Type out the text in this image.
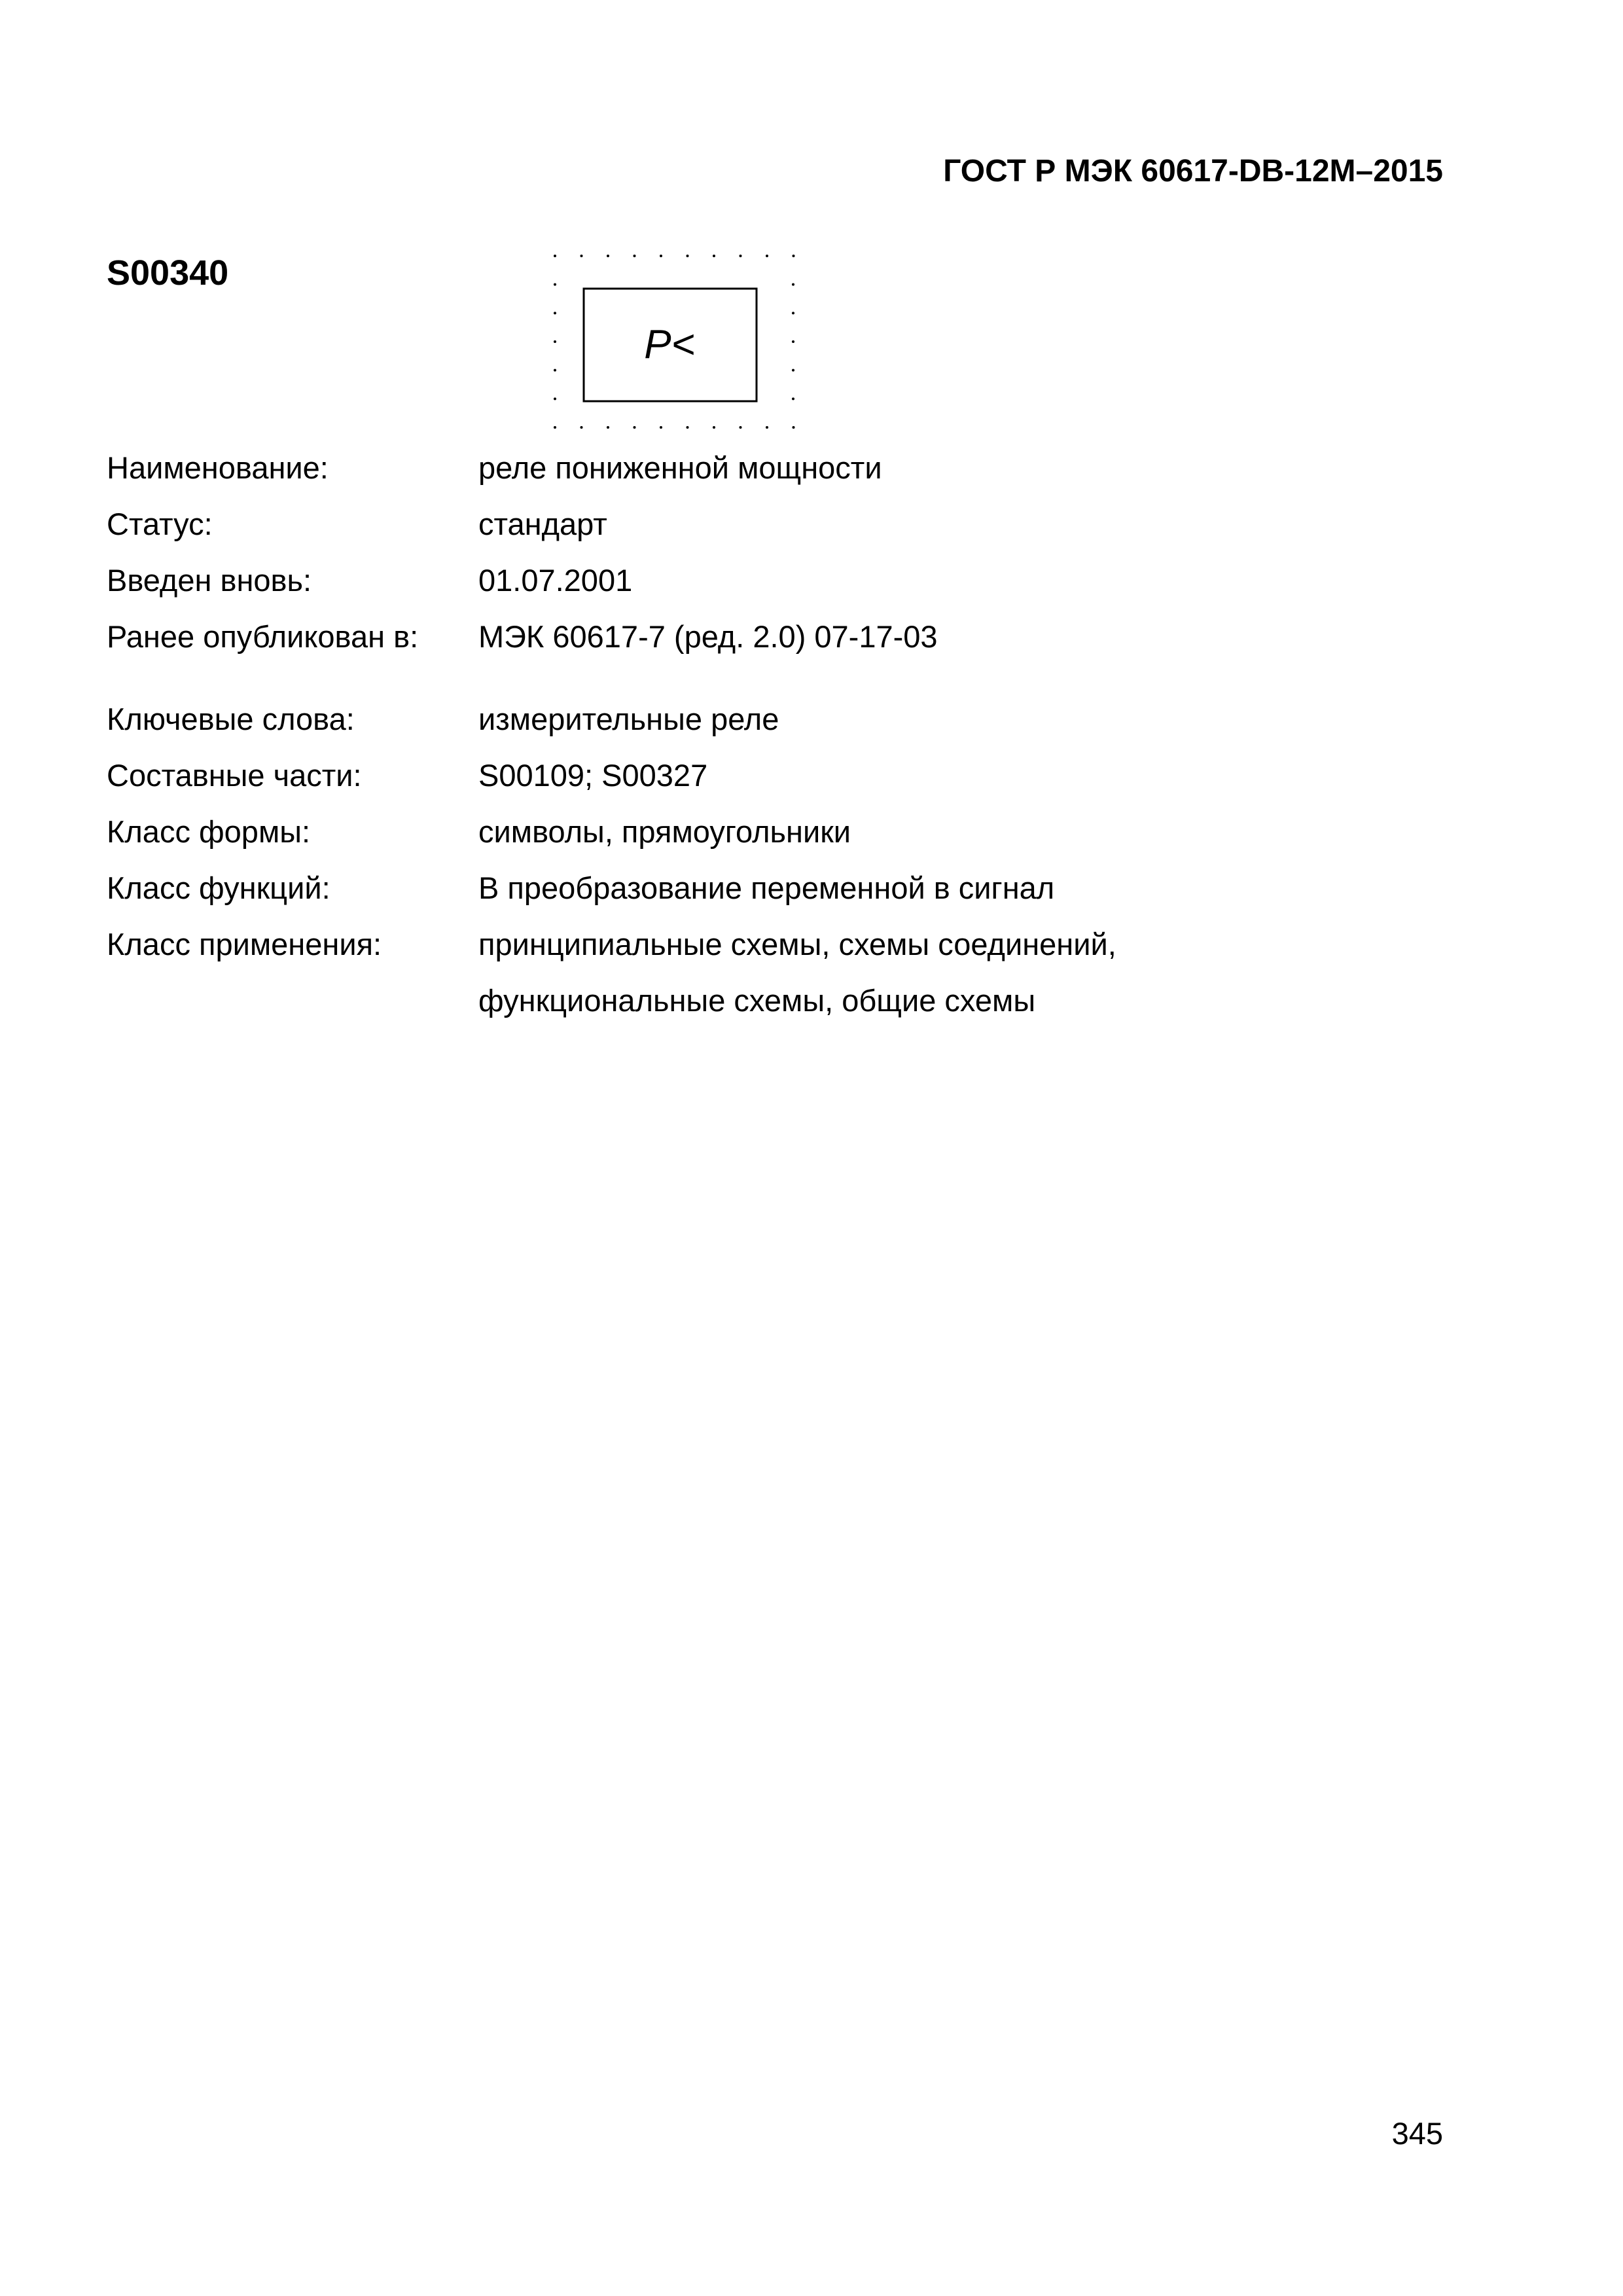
ГОСТ Р МЭК 60617-DB-12M–2015
S00340
P<
Наименование:	реле пониженной мощности
Статус:	стандарт
Введен вновь:	01.07.2001
Ранее опубликован в:	МЭК 60617-7 (ред. 2.0) 07-17-03
Ключевые слова:	измерительные реле
Составные части:	S00109; S00327
Класс формы:	символы, прямоугольники
Класс функций:	B преобразование переменной в сигнал
Класс применения:	принципиальные схемы, схемы соединений,
функциональные схемы, общие схемы
345
